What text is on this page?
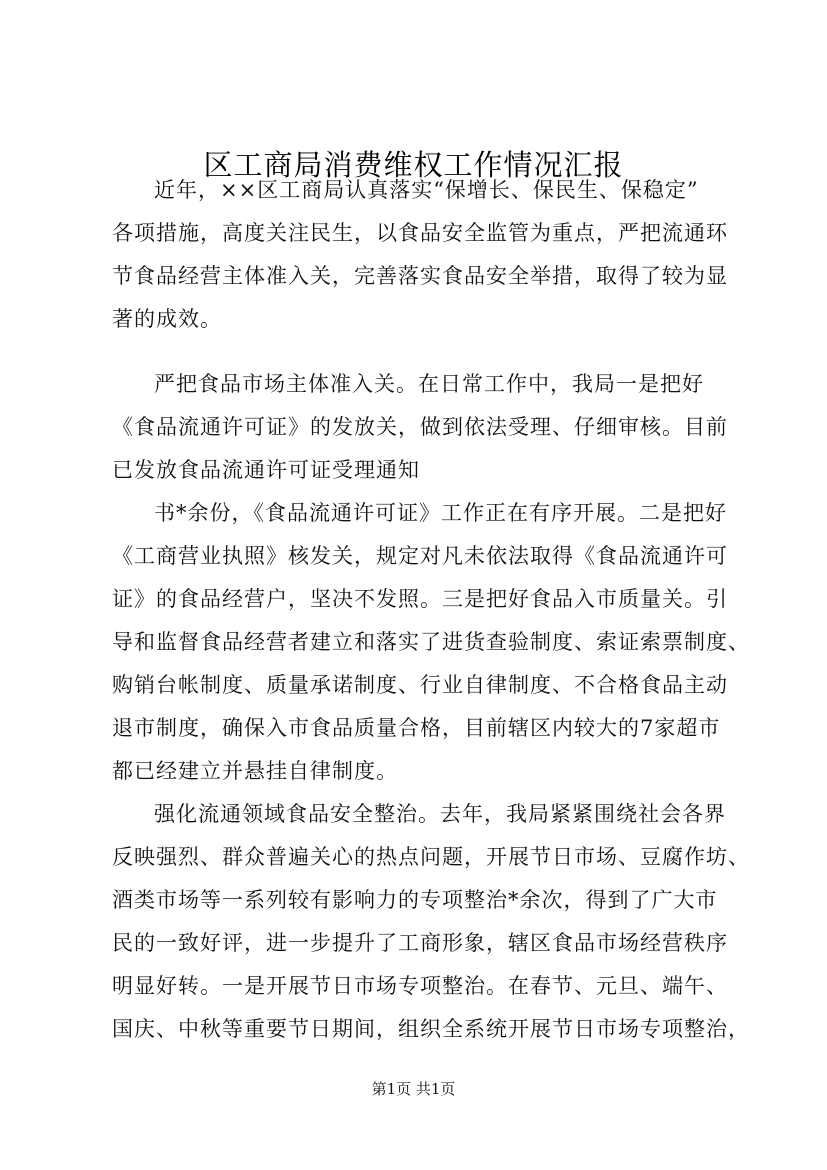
区工商局消费维权工作情况汇报
近年，××区工商局认真落实“保增长、保民生、保稳定”
各项措施，高度关注民生，以食品安全监管为重点，严把流通环
节食品经营主体准入关，完善落实食品安全举措，取得了较为显
著的成效。
严把食品市场主体准入关。在日常工作中，我局一是把好
《食品流通许可证》的发放关，做到依法受理、仔细审核。目前
已发放食品流通许可证受理通知
书*余份，《食品流通许可证》工作正在有序开展。二是把好
《工商营业执照》核发关，规定对凡未依法取得《食品流通许可
证》的食品经营户，坚决不发照。三是把好食品入市质量关。引
导和监督食品经营者建立和落实了进货查验制度、索证索票制度、
购销台帐制度、质量承诺制度、行业自律制度、不合格食品主动
退市制度，确保入市食品质量合格，目前辖区内较大的7家超市
都已经建立并悬挂自律制度。
强化流通领域食品安全整治。去年，我局紧紧围绕社会各界
反映强烈、群众普遍关心的热点问题，开展节日市场、豆腐作坊、
酒类市场等一系列较有影响力的专项整治*余次，得到了广大市
民的一致好评，进一步提升了工商形象，辖区食品市场经营秩序
明显好转。一是开展节日市场专项整治。在春节、元旦、端午、
国庆、中秋等重要节日期间，组织全系统开展节日市场专项整治，
第1页 共1页
